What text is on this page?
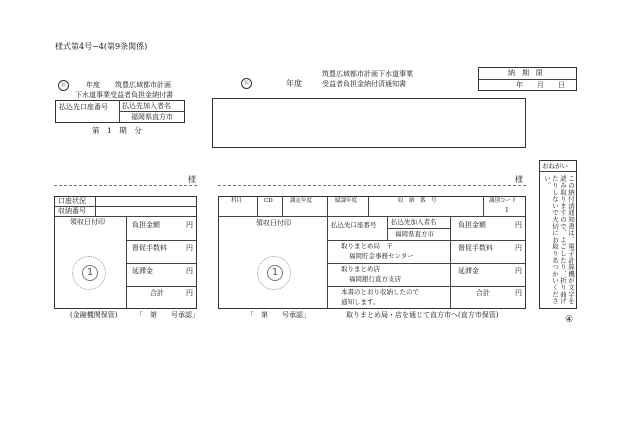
様式第4号−4(第9条関係)
公	年度 筑豊広域都市計画
下水道事業受益者負担金納付書
払込先口座番号 払込先加入者名
福岡県直方市
第　1　期　分
公	年度
筑豊広域都市計画下水道事業
受益者負担金納付済通知書
納　期　限
年　　月　　日
様	様
口座状況
収納番号
領収日付印
1
負担金額	円
督促手数料	円
延滞金	円
合計	円
(金融機関保管)	「　第　　号承認」
科目	CD	調定年度	賦課年度	収　納　番　号	識別コード
1
領収日付印
1
払込先口座番号 払込先加入者名
福岡県直方市
取りまとめ局　〒
福岡貯金事務センター
取りまとめ店
福岡銀行直方支店
本書のとおり収納したので
通知します。
負担金額	円
督促手数料	円
延滞金	円
合計	円
「　第　　号承認」	取りまとめ局・店を通じて直方市へ(直方市保管)
おねがい
この納付済通知書は、電子計算機が文字を読み取りますので、よごしたり、折り曲げたりしないで大切にお取りあつかいください。
④
